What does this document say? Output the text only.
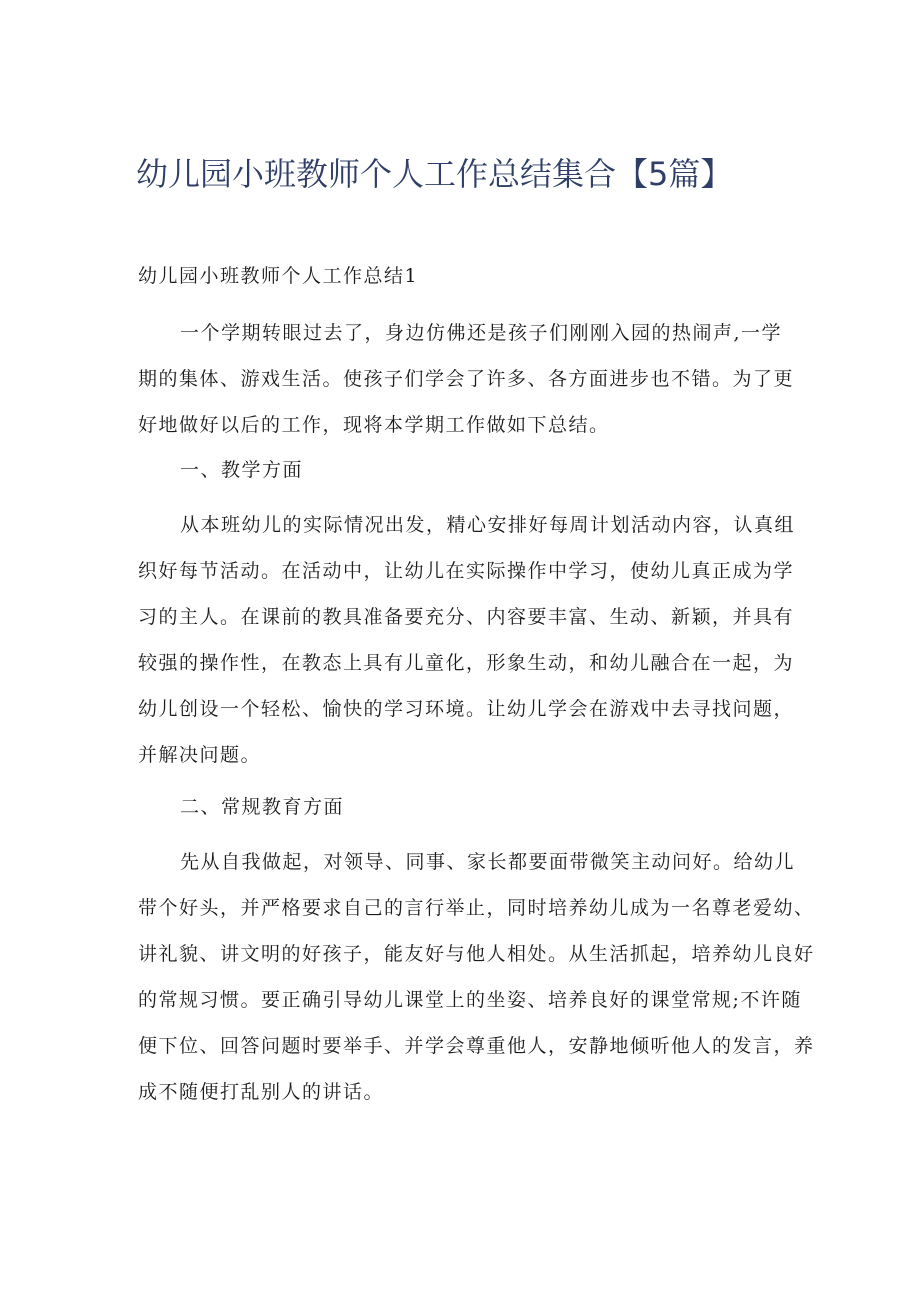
幼儿园小班教师个人工作总结集合【5篇】
幼儿园小班教师个人工作总结1
一个学期转眼过去了，身边仿佛还是孩子们刚刚入园的热闹声,一学
期的集体、游戏生活。使孩子们学会了许多、各方面进步也不错。为了更
好地做好以后的工作，现将本学期工作做如下总结。
一、教学方面
从本班幼儿的实际情况出发，精心安排好每周计划活动内容，认真组
织好每节活动。在活动中，让幼儿在实际操作中学习，使幼儿真正成为学
习的主人。在课前的教具准备要充分、内容要丰富、生动、新颖，并具有
较强的操作性，在教态上具有儿童化，形象生动，和幼儿融合在一起，为
幼儿创设一个轻松、愉快的学习环境。让幼儿学会在游戏中去寻找问题，
并解决问题。
二、常规教育方面
先从自我做起，对领导、同事、家长都要面带微笑主动问好。给幼儿
带个好头，并严格要求自己的言行举止，同时培养幼儿成为一名尊老爱幼、
讲礼貌、讲文明的好孩子，能友好与他人相处。从生活抓起，培养幼儿良好
的常规习惯。要正确引导幼儿课堂上的坐姿、培养良好的课堂常规;不许随
便下位、回答问题时要举手、并学会尊重他人，安静地倾听他人的发言，养
成不随便打乱别人的讲话。
